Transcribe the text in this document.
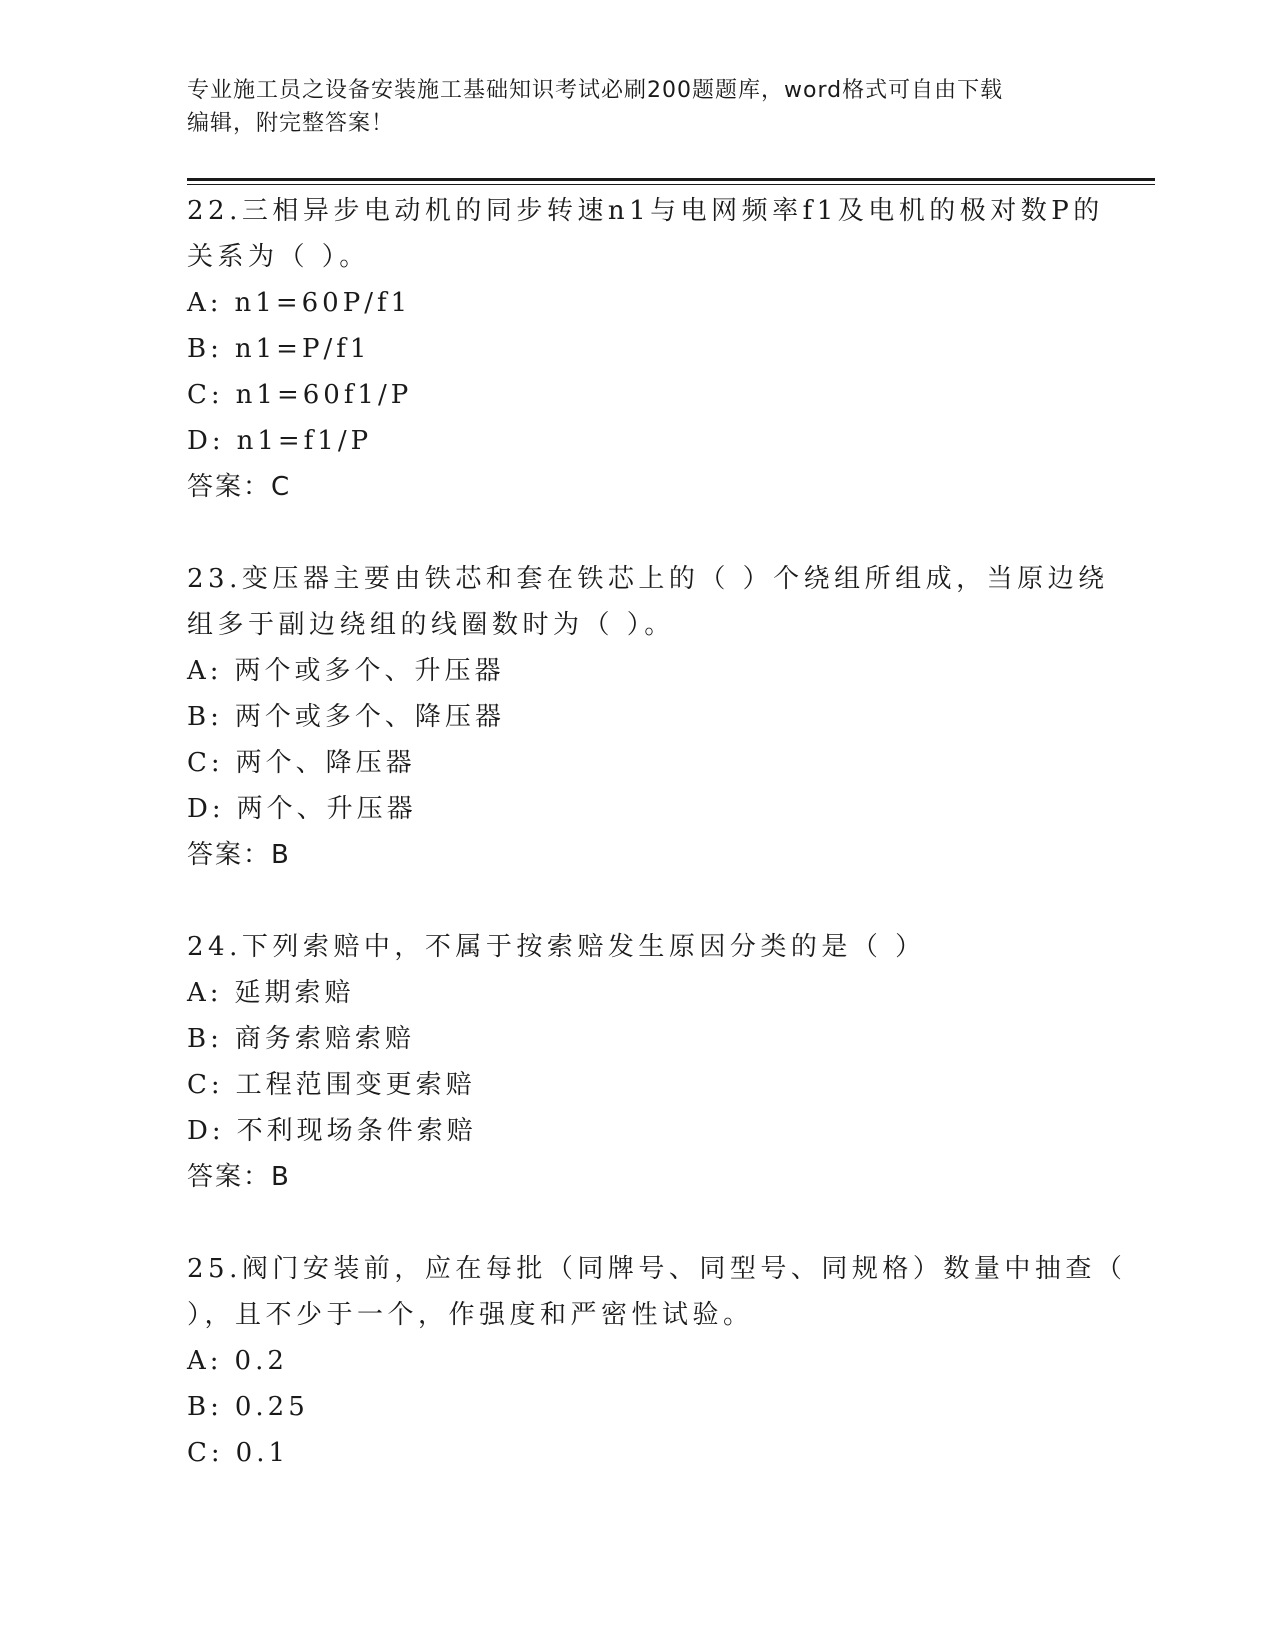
专业施工员之设备安装施工基础知识考试必刷200题题库，word格式可自由下载
编辑，附完整答案！
22.三相异步电动机的同步转速n1与电网频率f1及电机的极对数P的
关系为（ ）。
A: n1=60P/f1
B: n1=P/f1
C: n1=60f1/P
D: n1=f1/P
答案：C
23.变压器主要由铁芯和套在铁芯上的（ ）个绕组所组成，当原边绕
组多于副边绕组的线圈数时为（ ）。
A: 两个或多个、升压器
B: 两个或多个、降压器
C: 两个、降压器
D: 两个、升压器
答案：B
24.下列索赔中，不属于按索赔发生原因分类的是（ ）
A: 延期索赔
B: 商务索赔索赔
C: 工程范围变更索赔
D: 不利现场条件索赔
答案：B
25.阀门安装前，应在每批（同牌号、同型号、同规格）数量中抽查（
），且不少于一个，作强度和严密性试验。
A: 0.2
B: 0.25
C: 0.1
